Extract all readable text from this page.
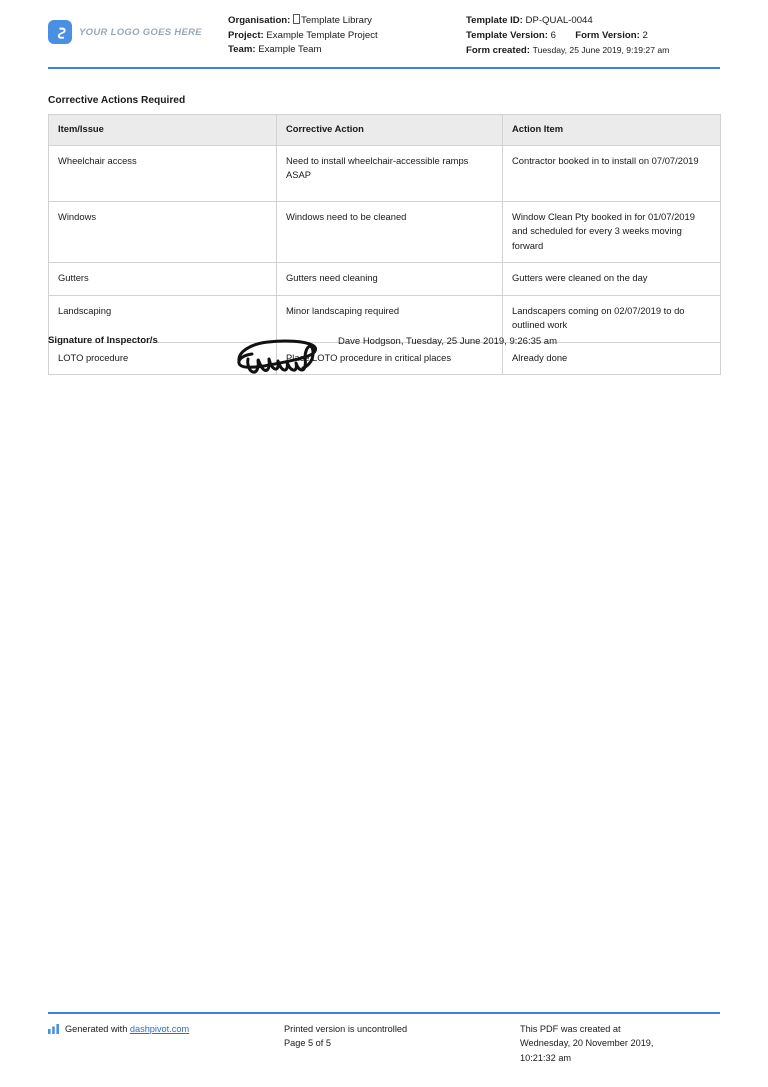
YOUR LOGO GOES HERE
Organisation: Template Library
Project: Example Template Project
Team: Example Team
Template ID: DP-QUAL-0044
Template Version: 6 Form Version: 2
Form created: Tuesday, 25 June 2019, 9:19:27 am
Corrective Actions Required
Item/Issue	Corrective Action	Action Item
Wheelchair access	Need to install wheelchair-accessible ramps ASAP	Contractor booked in to install on 07/07/2019
Windows	Windows need to be cleaned	Window Clean Pty booked in for 01/07/2019 and scheduled for every 3 weeks moving forward
Gutters	Gutters need cleaning	Gutters were cleaned on the day
Landscaping	Minor landscaping required	Landscapers coming on 02/07/2019 to do outlined work
LOTO procedure	Place LOTO procedure in critical places	Already done
Signature of Inspector/s	Dave Hodgson, Tuesday, 25 June 2019, 9:26:35 am
Generated with dashpivot.com	Printed version is uncontrolled
Page 5 of 5
This PDF was created at
Wednesday, 20 November 2019,
10:21:32 am
